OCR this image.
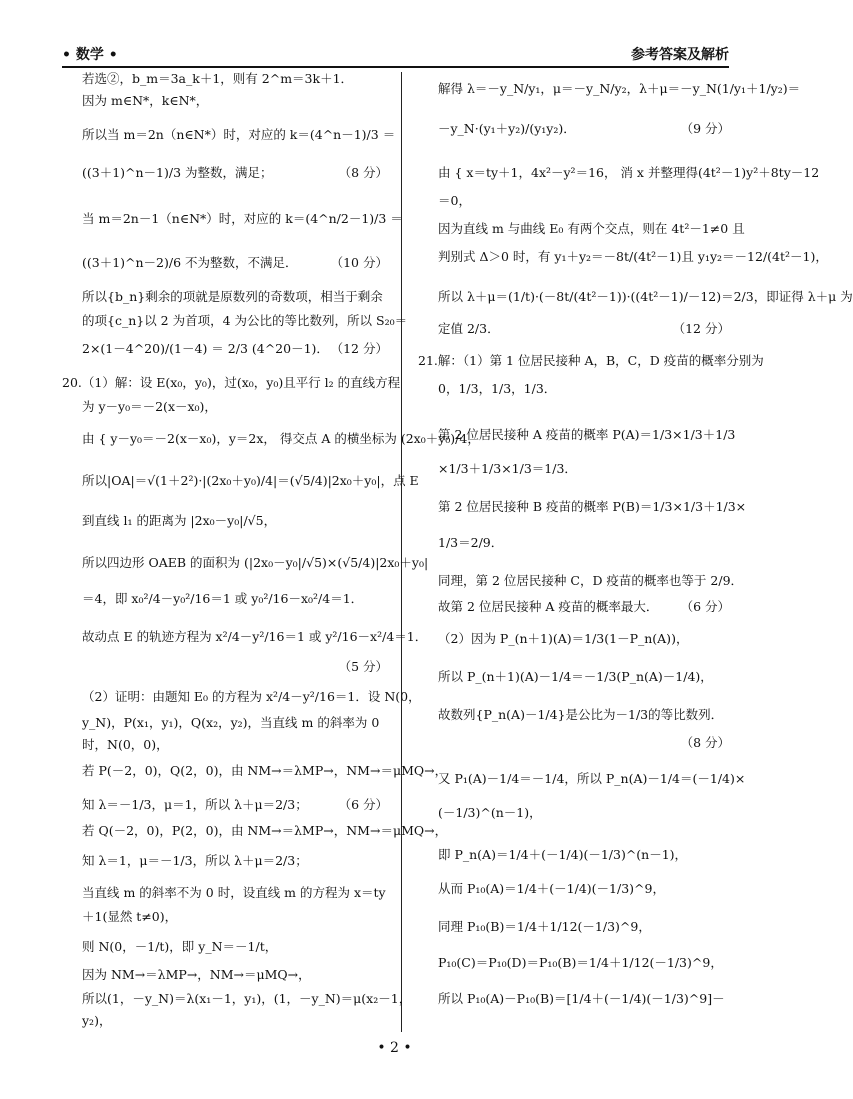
• 数学 •	参考答案及解析
若选②，b_m＝3a_k＋1，则有 2^m＝3k＋1．
因为 m∈N*，k∈N*，
所以当 m＝2n（n∈N*）时，对应的 k＝(4^n－1)/3 ＝
((3＋1)^n－1)/3 为整数，满足；	（8 分）
当 m＝2n－1（n∈N*）时，对应的 k＝(4^n/2－1)/3 ＝
((3＋1)^n－2)/6 不为整数，不满足．	（10 分）
所以{b_n}剩余的项就是原数列的奇数项，相当于剩余
的项{c_n}以 2 为首项，4 为公比的等比数列，所以 S₂₀＝
2×(1－4^20)/(1－4) ＝ 2/3 (4^20－1)． （12 分）
20.（1）解：设 E(x₀，y₀)，过(x₀，y₀)且平行 l₂ 的直线方程
为 y－y₀＝－2(x－x₀)，
由 { y－y₀＝－2(x－x₀)，y＝2x， 得交点 A 的横坐标为 (2x₀＋y₀)/4，
所以|OA|＝√(1＋2²)·|(2x₀＋y₀)/4|＝(√5/4)|2x₀＋y₀|，点 E
到直线 l₁ 的距离为 |2x₀－y₀|/√5，
所以四边形 OAEB 的面积为 (|2x₀－y₀|/√5)×(√5/4)|2x₀＋y₀|
＝4，即 x₀²/4－y₀²/16＝1 或 y₀²/16－x₀²/4＝1．
故动点 E 的轨迹方程为 x²/4－y²/16＝1 或 y²/16－x²/4＝1．
（5 分）
（2）证明：由题知 E₀ 的方程为 x²/4－y²/16＝1．设 N(0，
y_N)，P(x₁，y₁)，Q(x₂，y₂)，当直线 m 的斜率为 0
时，N(0，0)，
若 P(－2，0)，Q(2，0)，由 NM→＝λMP→，NM→＝μMQ→，
知 λ＝－1/3，μ＝1，所以 λ＋μ＝2/3； （6 分）
若 Q(－2，0)，P(2，0)，由 NM→＝λMP→，NM→＝μMQ→，
知 λ＝1，μ＝－1/3，所以 λ＋μ＝2/3；
当直线 m 的斜率不为 0 时，设直线 m 的方程为 x＝ty
＋1(显然 t≠0)，
则 N(0，－1/t)，即 y_N＝－1/t，
因为 NM→＝λMP→，NM→＝μMQ→，
所以(1，－y_N)＝λ(x₁－1，y₁)，(1，－y_N)＝μ(x₂－1，
y₂)，
解得 λ＝－y_N/y₁，μ＝－y_N/y₂，λ＋μ＝－y_N(1/y₁＋1/y₂)＝
－y_N·(y₁＋y₂)/(y₁y₂)．	（9 分）
由 { x＝ty＋1，4x²－y²＝16， 消 x 并整理得(4t²－1)y²＋8ty－12
＝0，
因为直线 m 与曲线 E₀ 有两个交点，则在 4t²－1≠0 且
判别式 Δ＞0 时，有 y₁＋y₂＝－8t/(4t²－1)且 y₁y₂＝－12/(4t²－1)，
所以 λ＋μ＝(1/t)·(－8t/(4t²－1))·((4t²－1)/－12)＝2/3，即证得 λ＋μ 为
定值 2/3．	（12 分）
21.解：（1）第 1 位居民接种 A，B，C，D 疫苗的概率分别为
0，1/3，1/3，1/3．
第 2 位居民接种 A 疫苗的概率 P(A)＝1/3×1/3＋1/3
×1/3＋1/3×1/3＝1/3．
第 2 位居民接种 B 疫苗的概率 P(B)＝1/3×1/3＋1/3×
1/3＝2/9．
同理，第 2 位居民接种 C，D 疫苗的概率也等于 2/9．
故第 2 位居民接种 A 疫苗的概率最大． （6 分）
（2）因为 P_(n＋1)(A)＝1/3(1－P_n(A))，
所以 P_(n＋1)(A)－1/4＝－1/3(P_n(A)－1/4)，
故数列{P_n(A)－1/4}是公比为－1/3的等比数列．
（8 分）
又 P₁(A)－1/4＝－1/4，所以 P_n(A)－1/4＝(－1/4)×
(－1/3)^(n－1)，
即 P_n(A)＝1/4＋(－1/4)(－1/3)^(n－1)，
从而 P₁₀(A)＝1/4＋(－1/4)(－1/3)^9，
同理 P₁₀(B)＝1/4＋1/12(－1/3)^9，
P₁₀(C)＝P₁₀(D)＝P₁₀(B)＝1/4＋1/12(－1/3)^9，
所以 P₁₀(A)－P₁₀(B)＝[1/4＋(－1/4)(－1/3)^9]－
• 2 •
